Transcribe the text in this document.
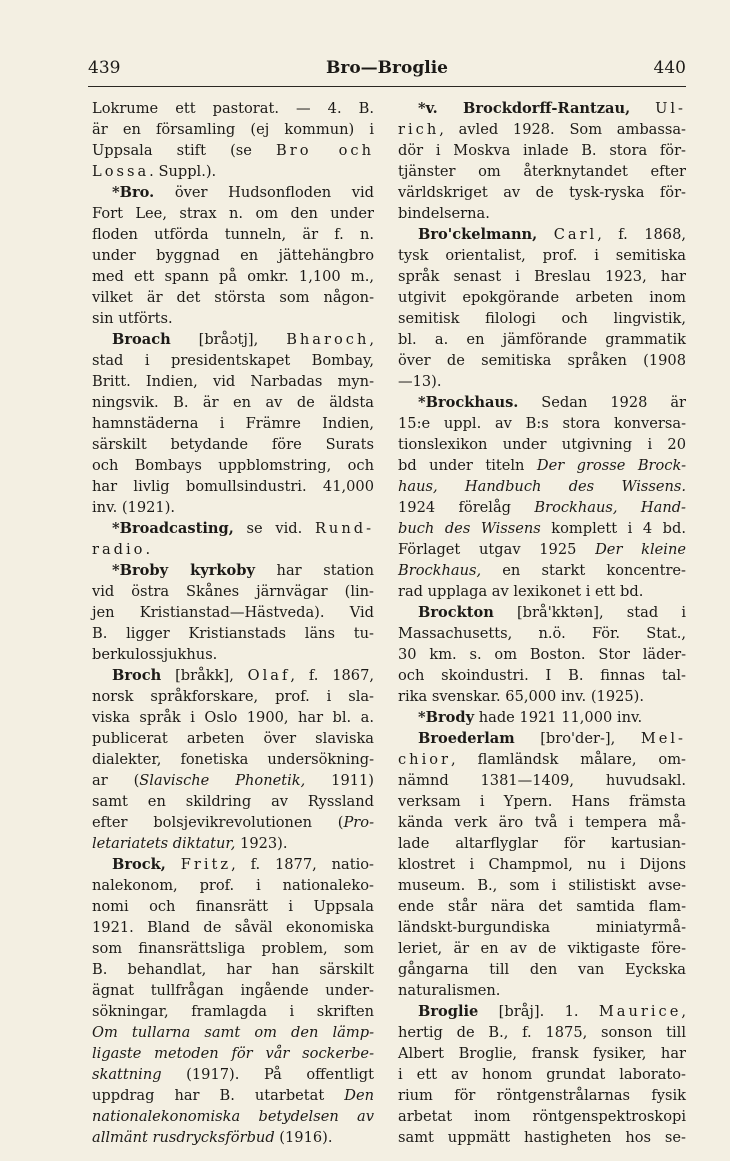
439	Bro—Broglie	440
Lokrume ett pastorat. — 4. B.
är en församling (ej kommun) i
Uppsala stift (se Bro och
Lossa. Suppl.).
*Bro. över Hudsonfloden vid
Fort Lee, strax n. om den under
floden utförda tunneln, är f. n.
under byggnad en jättehängbro
med ett spann på omkr. 1,100 m.,
vilket är det största som någon-
sin utförts.
Broach [bråɔtj], Bharoch,
stad i presidentskapet Bombay,
Britt. Indien, vid Narbadas myn-
ningsvik. B. är en av de äldsta
hamnstäderna i Främre Indien,
särskilt betydande före Surats
och Bombays uppblomstring, och
har livlig bomullsindustri. 41,000
inv. (1921).
*Broadcasting, se vid. Rund-
radio.
*Broby kyrkoby har station
vid östra Skånes järnvägar (lin-
jen Kristianstad—Hästveda). Vid
B. ligger Kristianstads läns tu-
berkulossjukhus.
Broch [bråkk], Olaf, f. 1867,
norsk språkforskare, prof. i sla-
viska språk i Oslo 1900, har bl. a.
publicerat arbeten över slaviska
dialekter, fonetiska undersökning-
ar (Slavische Phonetik, 1911)
samt en skildring av Ryssland
efter bolsjevikrevolutionen (Pro-
letariatets diktatur, 1923).
Brock, Fritz, f. 1877, natio-
nalekonom, prof. i nationaleko-
nomi och finansrätt i Uppsala
1921. Bland de såväl ekonomiska
som finansrättsliga problem, som
B. behandlat, har han särskilt
ägnat tullfrågan ingående under-
sökningar, framlagda i skriften
Om tullarna samt om den lämp-
ligaste metoden för vår sockerbe-
skattning (1917). På offentligt
uppdrag har B. utarbetat Den
nationalekonomiska betydelsen av
allmänt rusdrycksförbud (1916).
*v. Brockdorff-Rantzau, Ul-
rich, avled 1928. Som ambassa-
dör i Moskva inlade B. stora för-
tjänster om återknytandet efter
världskriget av de tysk-ryska för-
bindelserna.
Bro'ckelmann, Carl, f. 1868,
tysk orientalist, prof. i semitiska
språk senast i Breslau 1923, har
utgivit epokgörande arbeten inom
semitisk filologi och lingvistik,
bl. a. en jämförande grammatik
över de semitiska språken (1908
—13).
*Brockhaus. Sedan 1928 är
15:e uppl. av B:s stora konversa-
tionslexikon under utgivning i 20
bd under titeln Der grosse Brock-
haus, Handbuch des Wissens.
1924 förelåg Brockhaus, Hand-
buch des Wissens komplett i 4 bd.
Förlaget utgav 1925 Der kleine
Brockhaus, en starkt koncentre-
rad upplaga av lexikonet i ett bd.
Brockton [brå'kktən], stad i
Massachusetts, n.ö. För. Stat.,
30 km. s. om Boston. Stor läder-
och skoindustri. I B. finnas tal-
rika svenskar. 65,000 inv. (1925).
*Brody hade 1921 11,000 inv.
Broederlam [bro'der-], Mel-
chior, flamländsk målare, om-
nämnd 1381—1409, huvudsakl.
verksam i Ypern. Hans främsta
kända verk äro två i tempera må-
lade altarflyglar för kartusian-
klostret i Champmol, nu i Dijons
museum. B., som i stilistiskt avse-
ende står nära det samtida flam-
ländskt-burgundiska miniatyrmå-
leriet, är en av de viktigaste före-
gångarna till den van Eyckska
naturalismen.
Broglie [bråj]. 1. Maurice,
hertig de B., f. 1875, sonson till
Albert Broglie, fransk fysiker, har
i ett av honom grundat laborato-
rium för röntgenstrålarnas fysik
arbetat inom röntgenspektroskopi
samt uppmätt hastigheten hos se-
